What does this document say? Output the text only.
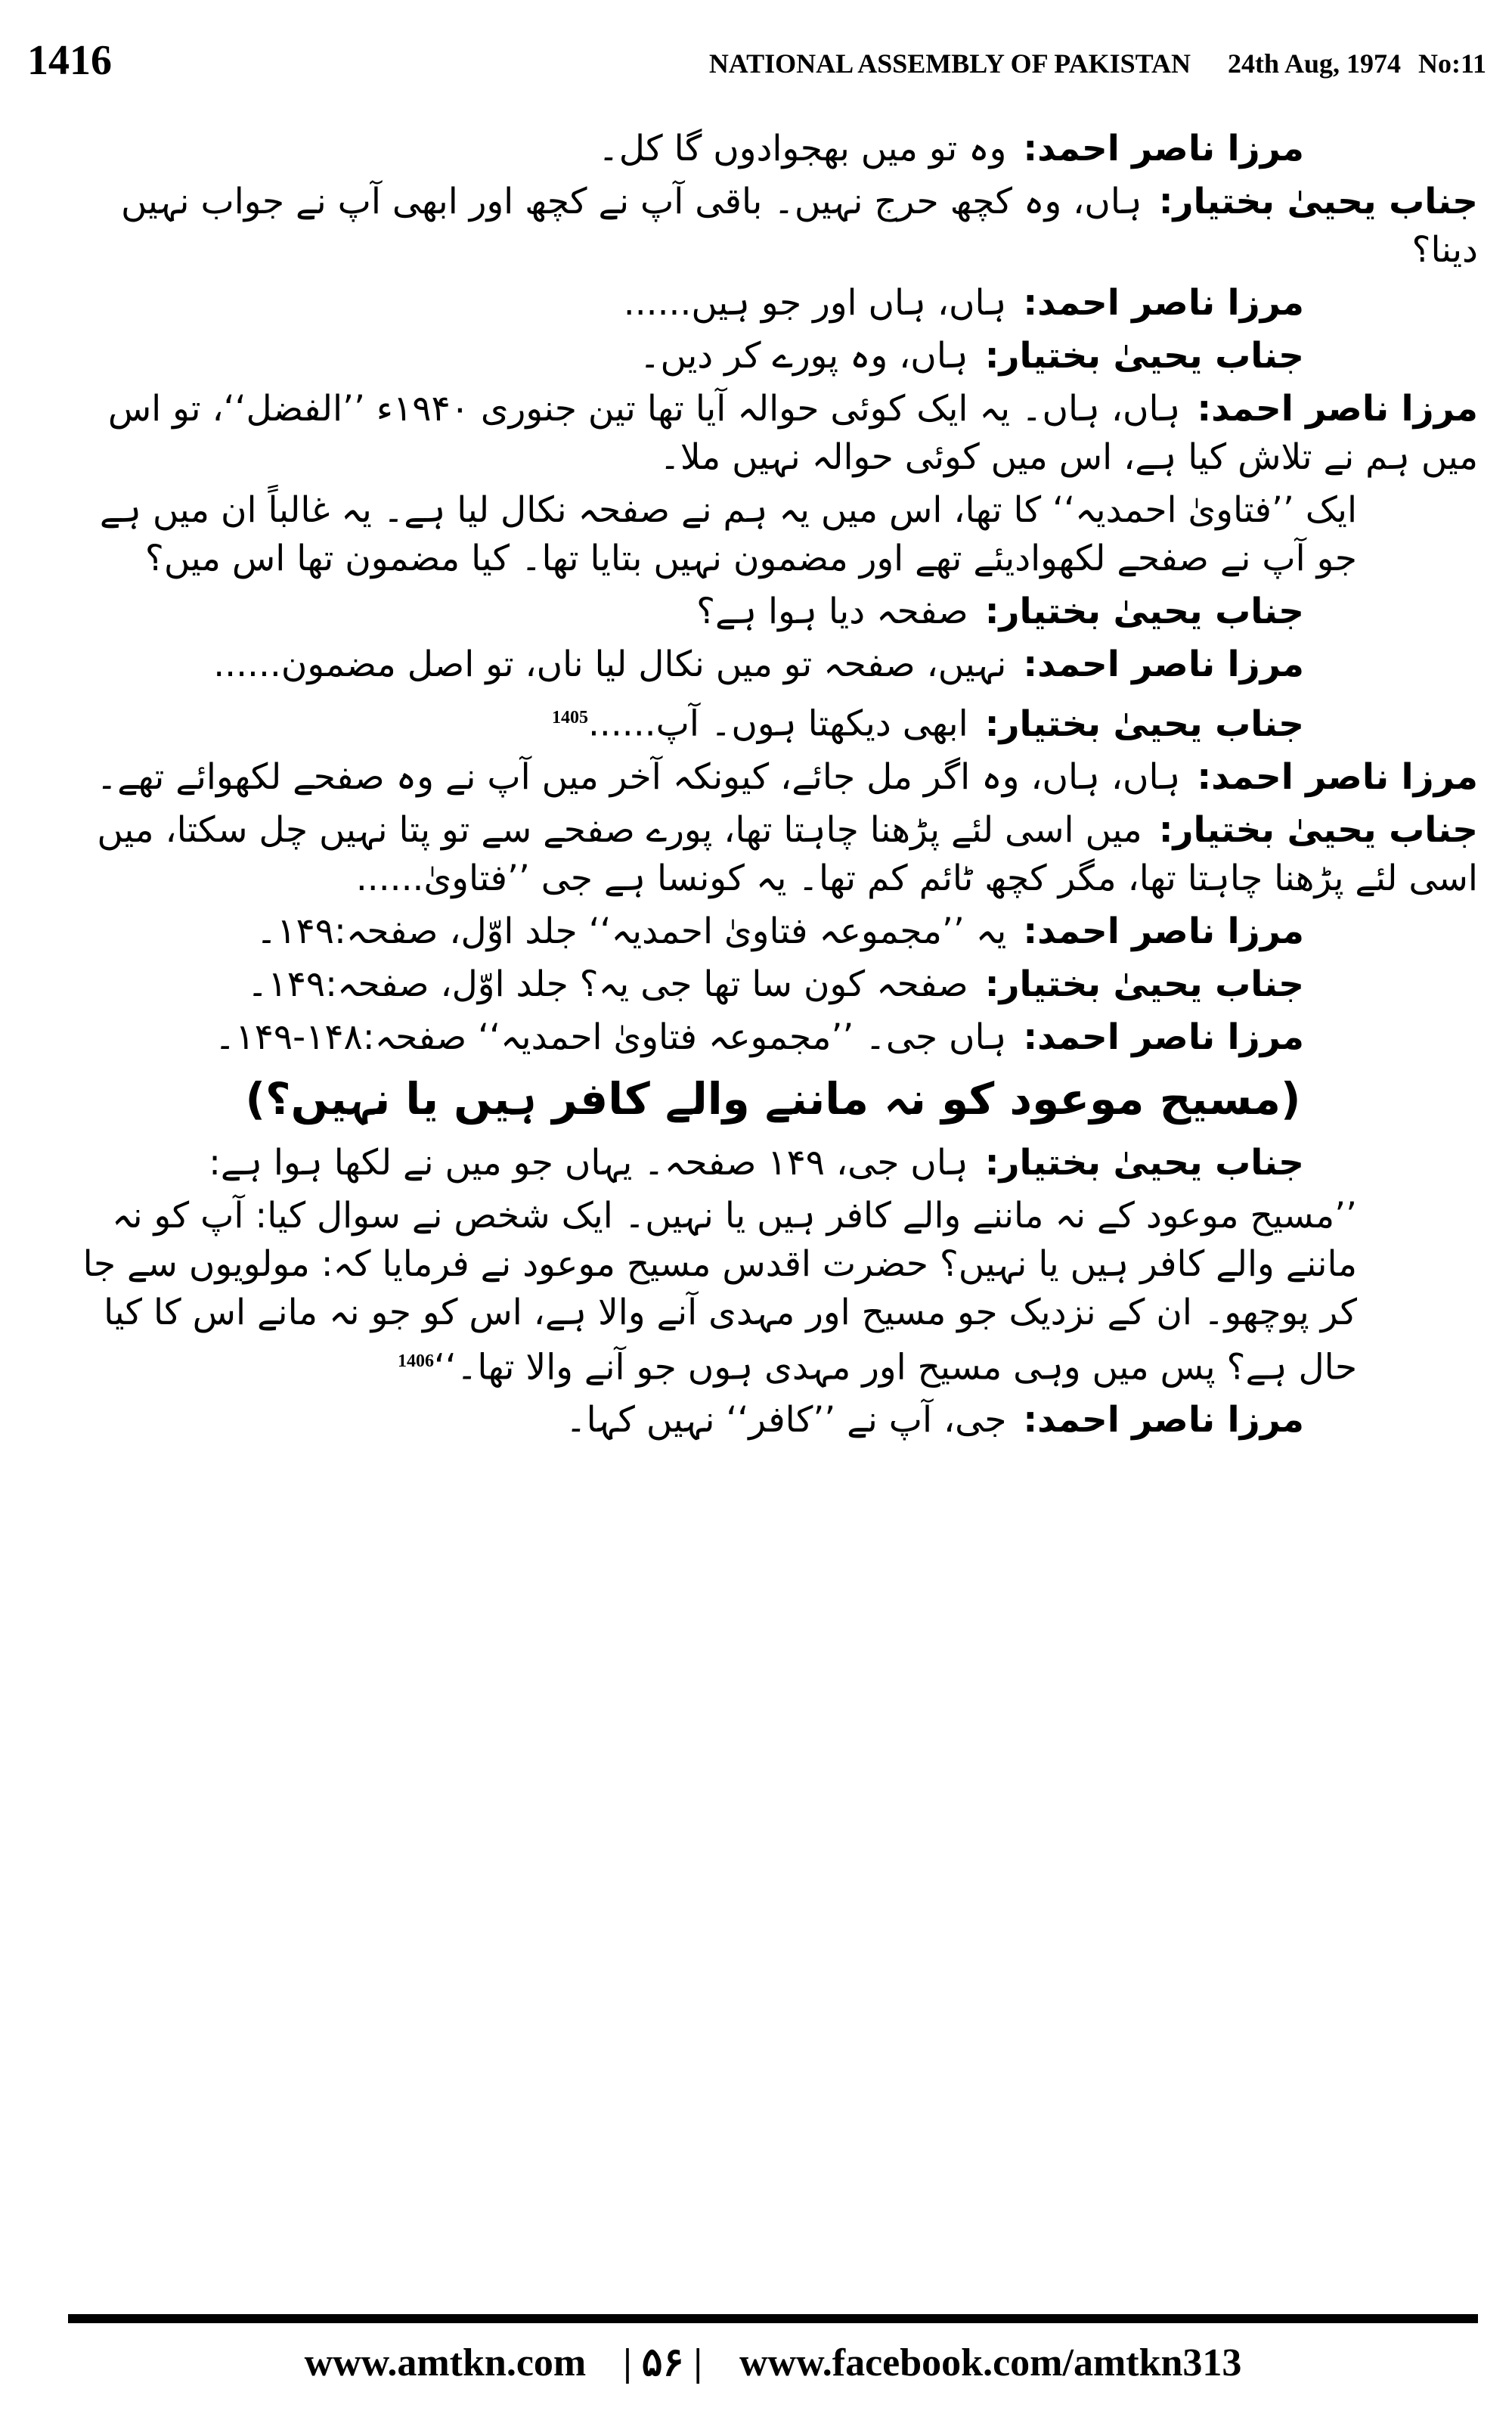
1416	NATIONAL ASSEMBLY OF PAKISTAN 24th Aug, 1974 No:11

مرزا ناصر احمد:وہ تو میں بھجوادوں گا کل۔

جناب یحییٰ بختیار:ہاں، وہ کچھ حرج نہیں۔ باقی آپ نے کچھ اور ابھی آپ نے جواب نہیں دینا؟

مرزا ناصر احمد:ہاں، ہاں اور جو ہیں......

جناب یحییٰ بختیار:ہاں، وہ پورے کر دیں۔

مرزا ناصر احمد:ہاں، ہاں۔ یہ ایک کوئی حوالہ آیا تھا تین جنوری ۱۹۴۰ء ’’الفضل‘‘، تو اس میں ہم نے تلاش کیا ہے، اس میں کوئی حوالہ نہیں ملا۔

ایک ’’فتاویٰ احمدیہ‘‘ کا تھا، اس میں یہ ہم نے صفحہ نکال لیا ہے۔ یہ غالباً ان میں ہے جو آپ نے صفحے لکھوادیئے تھے اور مضمون نہیں بتایا تھا۔ کیا مضمون تھا اس میں؟

جناب یحییٰ بختیار:صفحہ دیا ہوا ہے؟

مرزا ناصر احمد:نہیں، صفحہ تو میں نکال لیا ناں، تو اصل مضمون......

جناب یحییٰ بختیار:ابھی دیکھتا ہوں۔ آپ......$^{1405}$

مرزا ناصر احمد:ہاں، ہاں، وہ اگر مل جائے، کیونکہ آخر میں آپ نے وہ صفحے لکھوائے تھے۔

جناب یحییٰ بختیار:میں اسی لئے پڑھنا چاہتا تھا، پورے صفحے سے تو پتا نہیں چل سکتا، میں اسی لئے پڑھنا چاہتا تھا، مگر کچھ ٹائم کم تھا۔ یہ کونسا ہے جی ’’فتاویٰ......

مرزا ناصر احمد:یہ ’’مجموعہ فتاویٰ احمدیہ‘‘ جلد اوّل، صفحہ:۱۴۹۔

جناب یحییٰ بختیار:صفحہ کون سا تھا جی یہ؟ جلد اوّل، صفحہ:۱۴۹۔

مرزا ناصر احمد:ہاں جی۔ ’’مجموعہ فتاویٰ احمدیہ‘‘ صفحہ:۱۴۸-۱۴۹۔

(مسیح موعود کو نہ ماننے والے کافر ہیں یا نہیں؟)

جناب یحییٰ بختیار:ہاں جی، ۱۴۹ صفحہ۔ یہاں جو میں نے لکھا ہوا ہے:

’’مسیح موعود کے نہ ماننے والے کافر ہیں یا نہیں۔ ایک شخص نے سوال کیا: آپ کو نہ ماننے والے کافر ہیں یا نہیں؟ حضرت اقدس مسیح موعود نے فرمایا کہ: مولویوں سے جا کر پوچھو۔ ان کے نزدیک جو مسیح اور مہدی آنے والا ہے، اس کو جو نہ مانے اس کا کیا حال ہے؟ پس میں وہی مسیح اور مہدی ہوں جو آنے والا تھا۔‘‘$^{1406}$

مرزا ناصر احمد:جی، آپ نے ’’کافر‘‘ نہیں کہا۔

www.amtkn.com | ۵۶ | www.facebook.com/amtkn313
